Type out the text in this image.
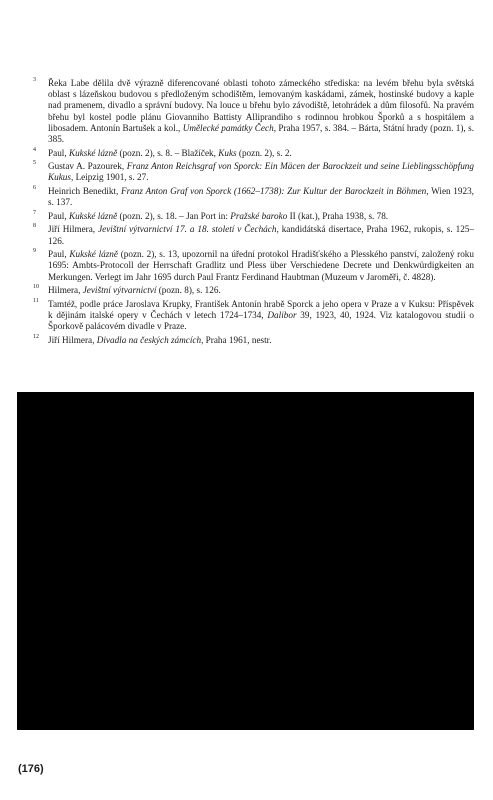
3 Řeka Labe dělila dvě výrazně diferencované oblasti tohoto zámeckého střediska: na levém břehu byla světská oblast s lázeňskou budovou s předloženým schodištěm, lemovaným kaskádami, zámek, hostinské budovy a kaple nad pramenem, divadlo a správní budovy. Na louce u břehu bylo závodiště, letohrádek a dům filosofů. Na pravém břehu byl kostel podle plánu Giovanniho Battisty Alliprandiho s rodinnou hrobkou Šporků a s hospitálem a libosadem. Antonín Bartušek a kol., Umělecké památky Čech, Praha 1957, s. 384. – Bárta, Státní hrady (pozn. 1), s. 385.
4 Paul, Kukské lázně (pozn. 2), s. 8. – Blažíček, Kuks (pozn. 2), s. 2.
5 Gustav A. Pazourek, Franz Anton Reichsgraf von Sporck: Ein Mäcen der Barockzeit und seine Lieblingsschöpfung Kukus, Leipzig 1901, s. 27.
6 Heinrich Benedikt, Franz Anton Graf von Sporck (1662–1738): Zur Kultur der Barockzeit in Böhmen, Wien 1923, s. 137.
7 Paul, Kukské lázně (pozn. 2), s. 18. – Jan Port in: Pražské baroko II (kat.), Praha 1938, s. 78.
8 Jiří Hilmera, Jevištní výtvarnictví 17. a 18. století v Čechách, kandidátská disertace, Praha 1962, rukopis, s. 125–126.
9 Paul, Kukské lázně (pozn. 2), s. 13, upozornil na úřední protokol Hradišťského a Plesského panství, založený roku 1695: Ambts-Protocoll der Herrschaft Gradlitz und Pless über Verschiedene Decrete und Denkwürdigkeiten an Merkungen. Verlegt im Jahr 1695 durch Paul Frantz Ferdinand Haubtman (Muzeum v Jaroměři, č. 4828).
10 Hilmera, Jevištní výtvarnictví (pozn. 8), s. 126.
11 Tamtéž, podle práce Jaroslava Krupky, František Antonín hrabě Sporck a jeho opera v Praze a v Kuksu: Příspěvek k dějinám italské opery v Čechách v letech 1724–1734, Dalibor 39, 1923, 40, 1924. Viz katalogovou studii o Šporkově palácovém divadle v Praze.
12 Jiří Hilmera, Divadla na českých zámcích, Praha 1961, nestr.
(176)
